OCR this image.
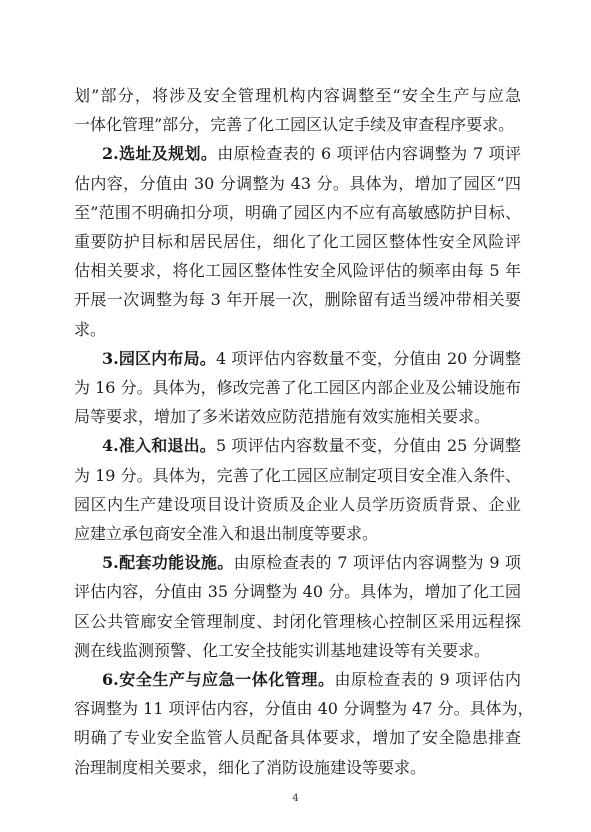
划”部分，将涉及安全管理机构内容调整至“安全生产与应急
一体化管理”部分，完善了化工园区认定手续及审查程序要求。
2.选址及规划。由原检查表的 6 项评估内容调整为 7 项评
估内容，分值由 30 分调整为 43 分。具体为，增加了园区“四
至”范围不明确扣分项，明确了园区内不应有高敏感防护目标、
重要防护目标和居民居住，细化了化工园区整体性安全风险评
估相关要求，将化工园区整体性安全风险评估的频率由每 5 年
开展一次调整为每 3 年开展一次，删除留有适当缓冲带相关要
求。
3.园区内布局。4 项评估内容数量不变，分值由 20 分调整
为 16 分。具体为，修改完善了化工园区内部企业及公辅设施布
局等要求，增加了多米诺效应防范措施有效实施相关要求。
4.准入和退出。5 项评估内容数量不变，分值由 25 分调整
为 19 分。具体为，完善了化工园区应制定项目安全准入条件、
园区内生产建设项目设计资质及企业人员学历资质背景、企业
应建立承包商安全准入和退出制度等要求。
5.配套功能设施。由原检查表的 7 项评估内容调整为 9 项
评估内容，分值由 35 分调整为 40 分。具体为，增加了化工园
区公共管廊安全管理制度、封闭化管理核心控制区采用远程探
测在线监测预警、化工安全技能实训基地建设等有关要求。
6.安全生产与应急一体化管理。由原检查表的 9 项评估内
容调整为 11 项评估内容，分值由 40 分调整为 47 分。具体为，
明确了专业安全监管人员配备具体要求，增加了安全隐患排查
治理制度相关要求，细化了消防设施建设等要求。
4
